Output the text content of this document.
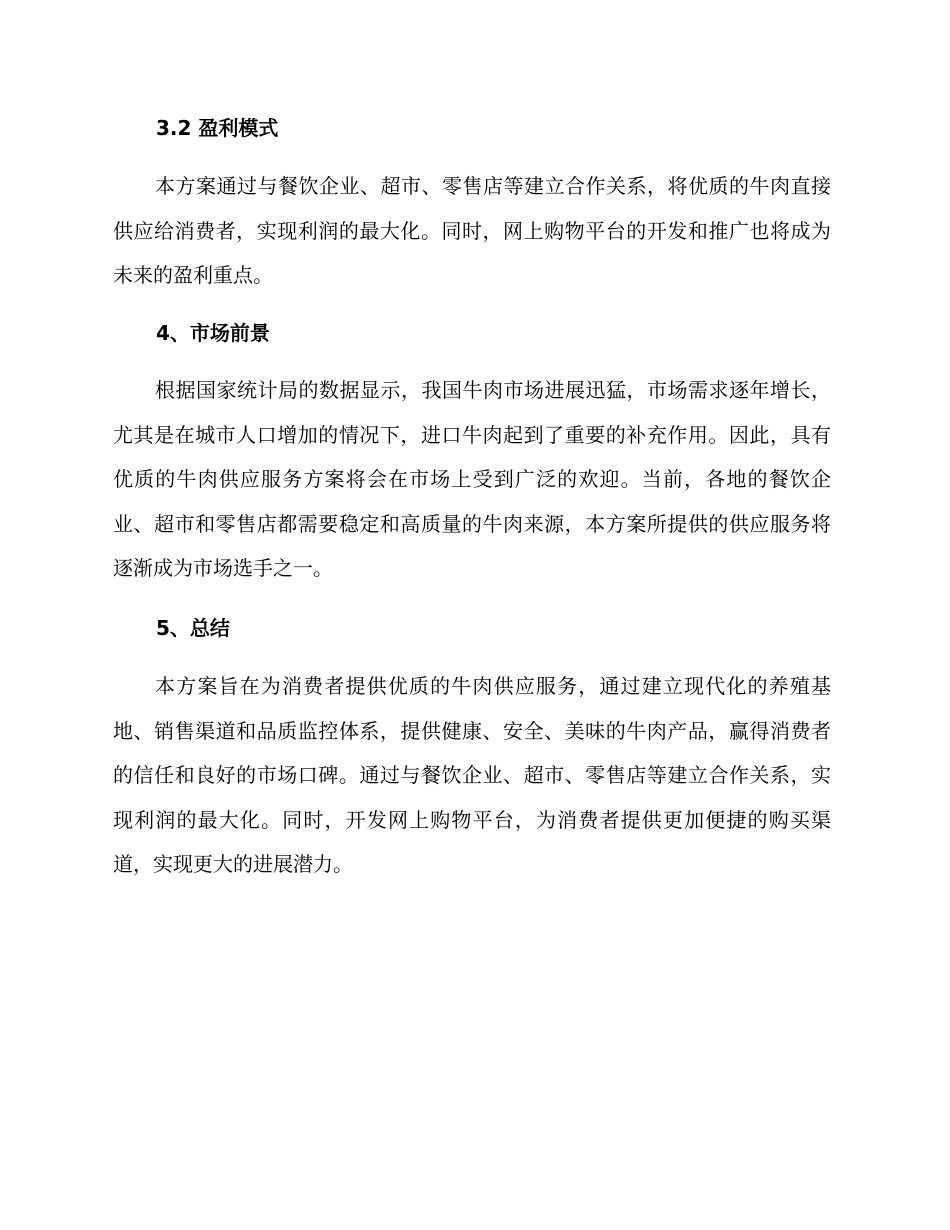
3.2 盈利模式

本方案通过与餐饮企业、超市、零售店等建立合作关系，将优质的牛肉直接供应给消费者，实现利润的最大化。同时，网上购物平台的开发和推广也将成为未来的盈利重点。

4、市场前景

根据国家统计局的数据显示，我国牛肉市场进展迅猛，市场需求逐年增长，尤其是在城市人口增加的情况下，进口牛肉起到了重要的补充作用。因此，具有优质的牛肉供应服务方案将会在市场上受到广泛的欢迎。当前，各地的餐饮企业、超市和零售店都需要稳定和高质量的牛肉来源，本方案所提供的供应服务将逐渐成为市场选手之一。

5、总结

本方案旨在为消费者提供优质的牛肉供应服务，通过建立现代化的养殖基地、销售渠道和品质监控体系，提供健康、安全、美味的牛肉产品，赢得消费者的信任和良好的市场口碑。通过与餐饮企业、超市、零售店等建立合作关系，实现利润的最大化。同时，开发网上购物平台，为消费者提供更加便捷的购买渠道，实现更大的进展潜力。
